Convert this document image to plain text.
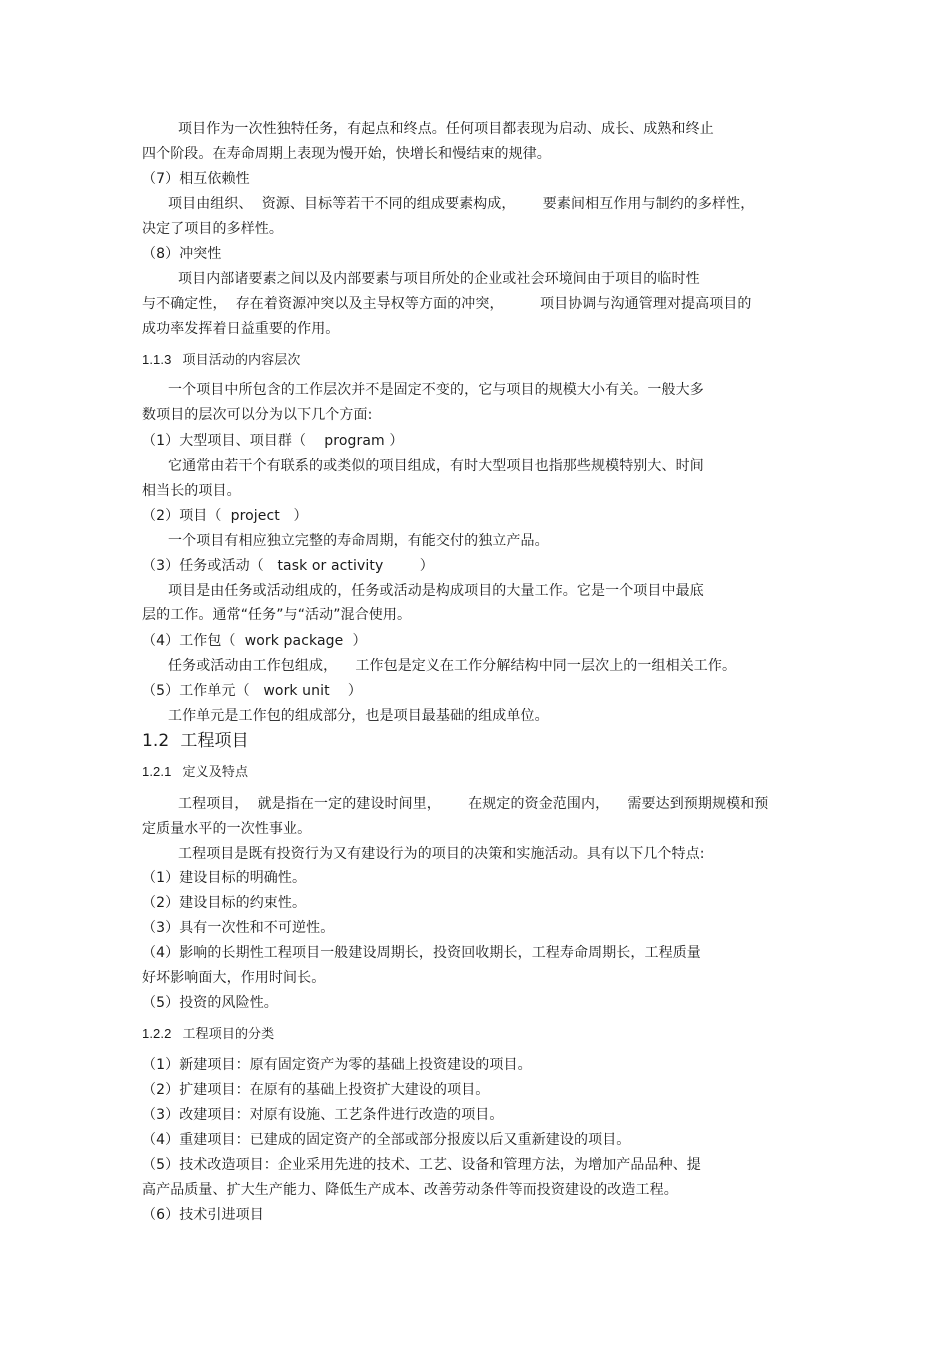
项目作为一次性独特任务，有起点和终点。任何项目都表现为启动、成长、成熟和终止
四个阶段。在寿命周期上表现为慢开始，快增长和慢结束的规律。
（7）相互依赖性
项目由组织、  资源、目标等若干不同的组成要素构成，      要素间相互作用与制约的多样性，
决定了项目的多样性。
（8）冲突性
项目内部诸要素之间以及内部要素与项目所处的企业或社会环境间由于项目的临时性
与不确定性，  存在着资源冲突以及主导权等方面的冲突，        项目协调与沟通管理对提高项目的
成功率发挥着日益重要的作用。
1.1.3   项目活动的内容层次
一个项目中所包含的工作层次并不是固定不变的，它与项目的规模大小有关。一般大多
数项目的层次可以分为以下几个方面:
（1）大型项目、项目群（    program ）
它通常由若干个有联系的或类似的项目组成，有时大型项目也指那些规模特别大、时间
相当长的项目。
（2）项目（  project   ）
一个项目有相应独立完整的寿命周期，有能交付的独立产品。
（3）任务或活动（   task or activity        ）
项目是由任务或活动组成的，任务或活动是构成项目的大量工作。它是一个项目中最底
层的工作。通常“任务”与“活动”混合使用。
（4）工作包（  work package  ）
任务或活动由工作包组成，    工作包是定义在工作分解结构中同一层次上的一组相关工作。
（5）工作单元（   work unit    ）
工作单元是工作包的组成部分，也是项目最基础的组成单位。
1.2  工程项目
1.2.1   定义及特点
工程项目，  就是指在一定的建设时间里，      在规定的资金范围内，    需要达到预期规模和预
定质量水平的一次性事业。
工程项目是既有投资行为又有建设行为的项目的决策和实施活动。具有以下几个特点:
（1）建设目标的明确性。
（2）建设目标的约束性。
（3）具有一次性和不可逆性。
（4）影响的长期性工程项目一般建设周期长，投资回收期长，工程寿命周期长，工程质量
好坏影响面大，作用时间长。
（5）投资的风险性。
1.2.2   工程项目的分类
（1）新建项目：原有固定资产为零的基础上投资建设的项目。
（2）扩建项目：在原有的基础上投资扩大建设的项目。
（3）改建项目：对原有设施、工艺条件进行改造的项目。
（4）重建项目：已建成的固定资产的全部或部分报废以后又重新建设的项目。
（5）技术改造项目：企业采用先进的技术、工艺、设备和管理方法，为增加产品品种、提
高产品质量、扩大生产能力、降低生产成本、改善劳动条件等而投资建设的改造工程。
（6）技术引进项目
